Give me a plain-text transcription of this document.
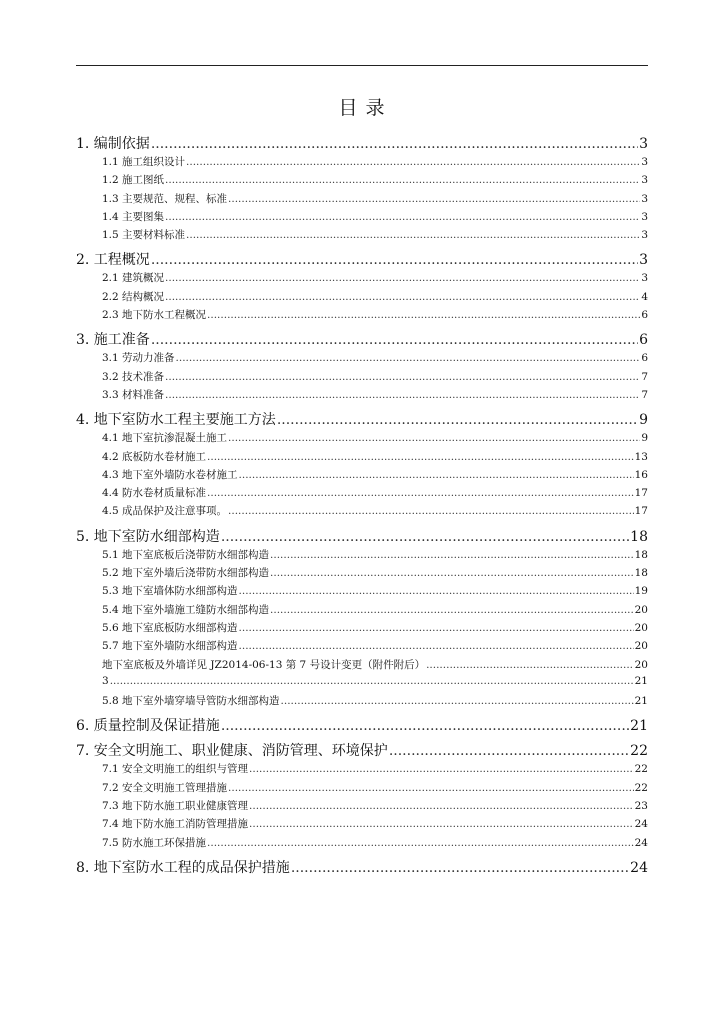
目 录
1. 编制依据 .....	3
1.1 施工组织设计 .....	3
1.2 施工图纸 .....	3
1.3 主要规范、规程、标准 .....	3
1.4 主要图集 .....	3
1.5 主要材料标准 .....	3
2. 工程概况 .....	3
2.1 建筑概况 .....	3
2.2 结构概况 .....	4
2.3 地下防水工程概况 .....	6
3. 施工准备 .....	6
3.1 劳动力准备 .....	6
3.2 技术准备 .....	7
3.3 材料准备 .....	7
4. 地下室防水工程主要施工方法 .....	9
4.1 地下室抗渗混凝土施工 .....	9
4.2 底板防水卷材施工 .....	13
4.3 地下室外墙防水卷材施工 .....	16
4.4 防水卷材质量标准 .....	17
4.5 成品保护及注意事项。 .....	17
5. 地下室防水细部构造 .....	18
5.1 地下室底板后浇带防水细部构造 .....	18
5.2 地下室外墙后浇带防水细部构造 .....	18
5.3 地下室墙体防水细部构造 .....	19
5.4 地下室外墙施工缝防水细部构造 .....	20
5.6 地下室底板防水细部构造 .....	20
5.7 地下室外墙防水细部构造 .....	20
地下室底板及外墙详见 JZ2014-06-13 第 7 号设计变更（附件附后） .....	20
3 .....	21
5.8 地下室外墙穿墙导管防水细部构造 .....	21
6. 质量控制及保证措施 .....	21
7. 安全文明施工、职业健康、消防管理、环境保护 .....	22
7.1 安全文明施工的组织与管理 .....	22
7.2 安全文明施工管理措施 .....	22
7.3 地下防水施工职业健康管理 .....	23
7.4 地下防水施工消防管理措施 .....	24
7.5 防水施工环保措施 .....	24
8. 地下室防水工程的成品保护措施 .....	24
